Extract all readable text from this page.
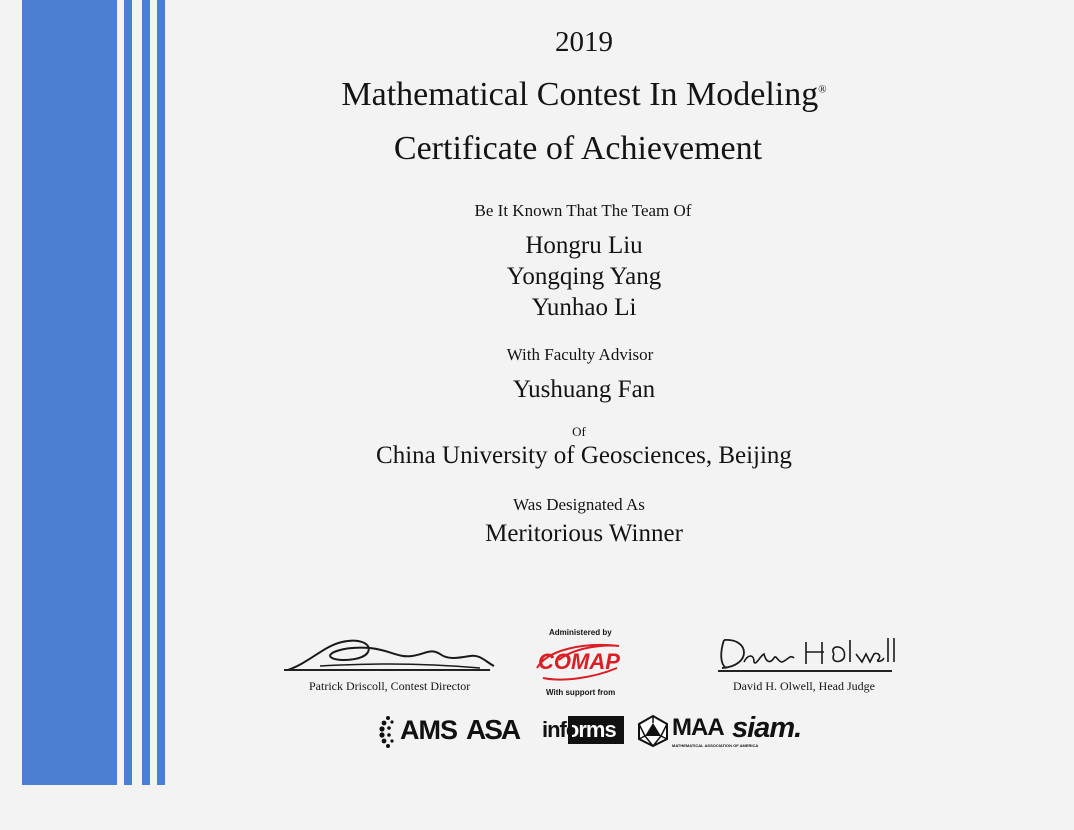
2019
Mathematical Contest In Modeling®
Certificate of Achievement
Be It Known That The Team Of
Hongru Liu
Yongqing Yang
Yunhao Li
With Faculty Advisor
Yushuang Fan
Of
China University of Geosciences, Beijing
Was Designated As
Meritorious Winner
Patrick Driscoll, Contest Director
Administered by
COMAP
With support from	David H. Olwell, Head Judge
AMS ASA informs MAA
MATHEMATICAL ASSOCIATION OF AMERICA
siam.
